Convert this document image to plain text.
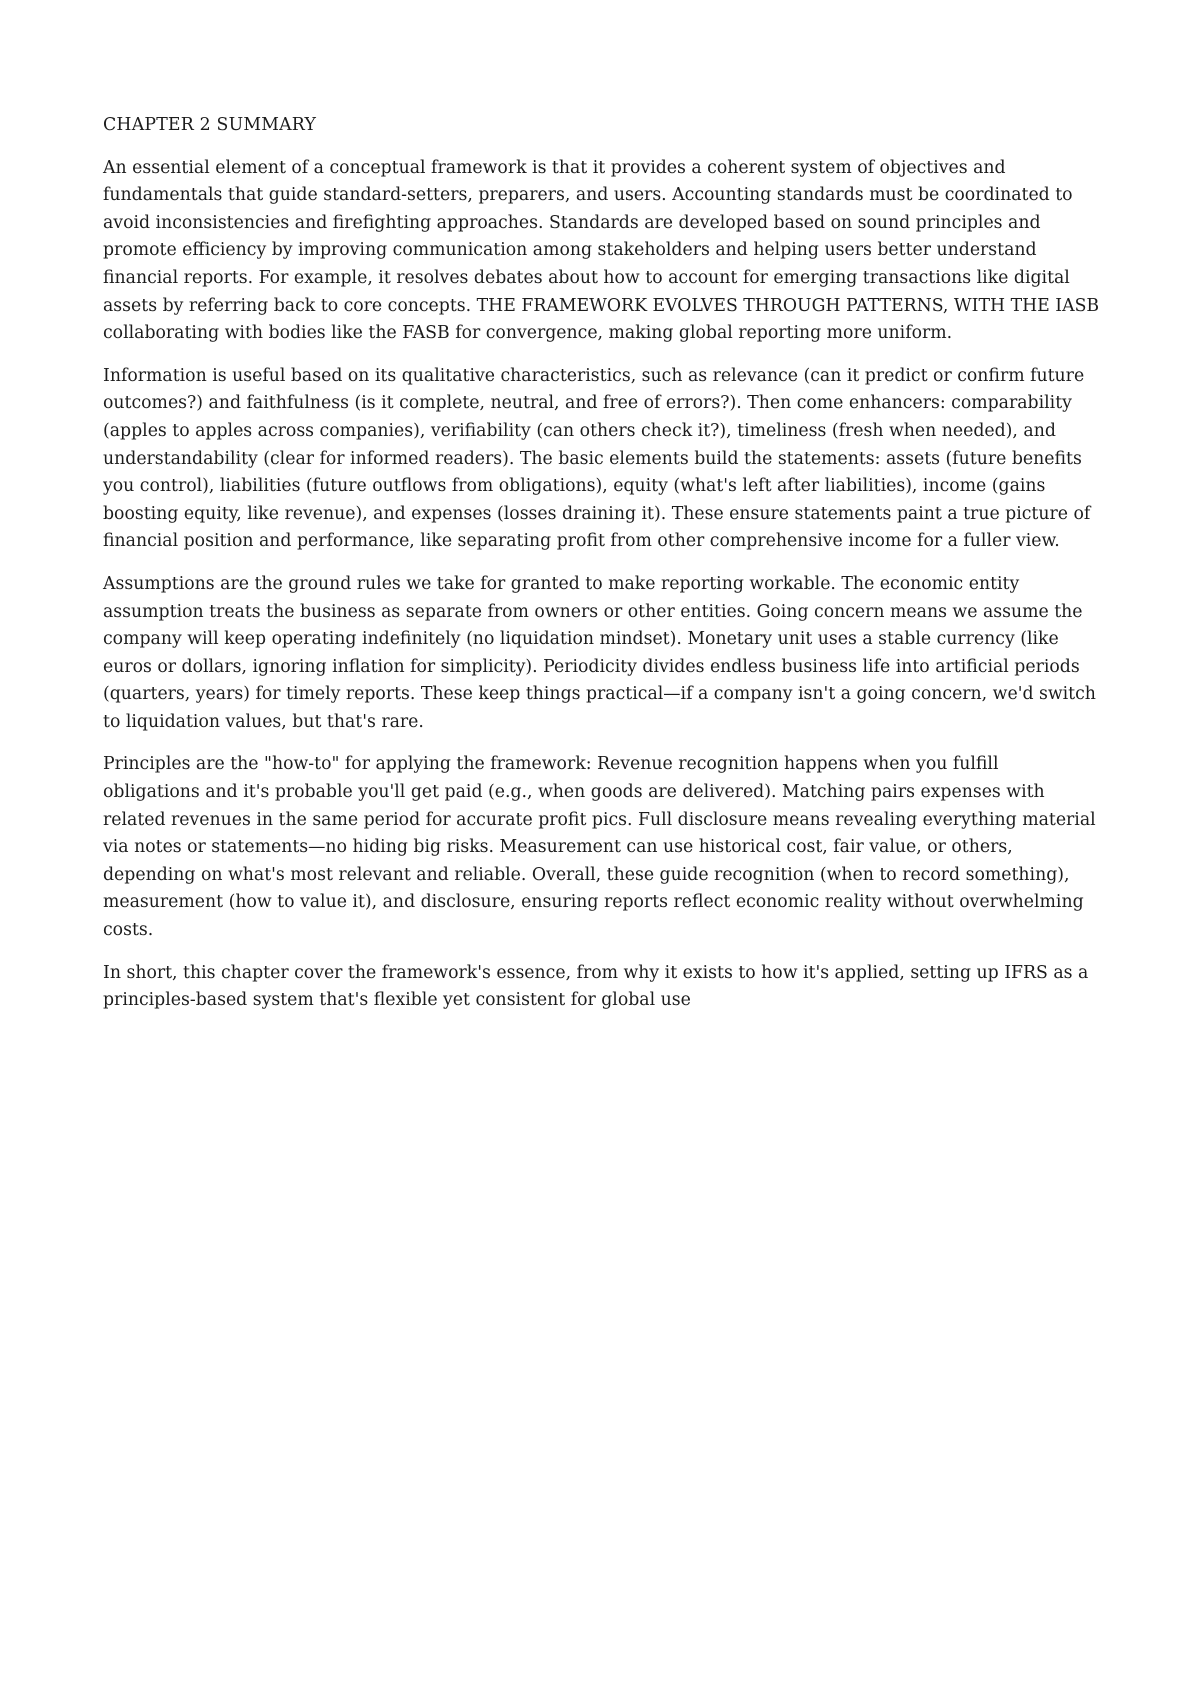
CHAPTER 2 SUMMARY

An essential element of a conceptual framework is that it provides a coherent system of objectives and fundamentals that guide standard-setters, preparers, and users. Accounting standards must be coordinated to avoid inconsistencies and firefighting approaches. Standards are developed based on sound principles and promote efficiency by improving communication among stakeholders and helping users better understand financial reports. For example, it resolves debates about how to account for emerging transactions like digital assets by referring back to core concepts. THE FRAMEWORK EVOLVES THROUGH PATTERNS, WITH THE IASB collaborating with bodies like the FASB for convergence, making global reporting more uniform.

Information is useful based on its qualitative characteristics, such as relevance (can it predict or confirm future outcomes?) and faithfulness (is it complete, neutral, and free of errors?). Then come enhancers: comparability (apples to apples across companies), verifiability (can others check it?), timeliness (fresh when needed), and understandability (clear for informed readers). The basic elements build the statements: assets (future benefits you control), liabilities (future outflows from obligations), equity (what's left after liabilities), income (gains boosting equity, like revenue), and expenses (losses draining it). These ensure statements paint a true picture of financial position and performance, like separating profit from other comprehensive income for a fuller view.

Assumptions are the ground rules we take for granted to make reporting workable. The economic entity assumption treats the business as separate from owners or other entities. Going concern means we assume the company will keep operating indefinitely (no liquidation mindset). Monetary unit uses a stable currency (like euros or dollars, ignoring inflation for simplicity). Periodicity divides endless business life into artificial periods (quarters, years) for timely reports. These keep things practical—if a company isn't a going concern, we'd switch to liquidation values, but that's rare.

Principles are the "how-to" for applying the framework: Revenue recognition happens when you fulfill obligations and it's probable you'll get paid (e.g., when goods are delivered). Matching pairs expenses with related revenues in the same period for accurate profit pics. Full disclosure means revealing everything material via notes or statements—no hiding big risks. Measurement can use historical cost, fair value, or others, depending on what's most relevant and reliable. Overall, these guide recognition (when to record something), measurement (how to value it), and disclosure, ensuring reports reflect economic reality without overwhelming costs.

In short, this chapter cover the framework's essence, from why it exists to how it's applied, setting up IFRS as a principles-based system that's flexible yet consistent for global use
